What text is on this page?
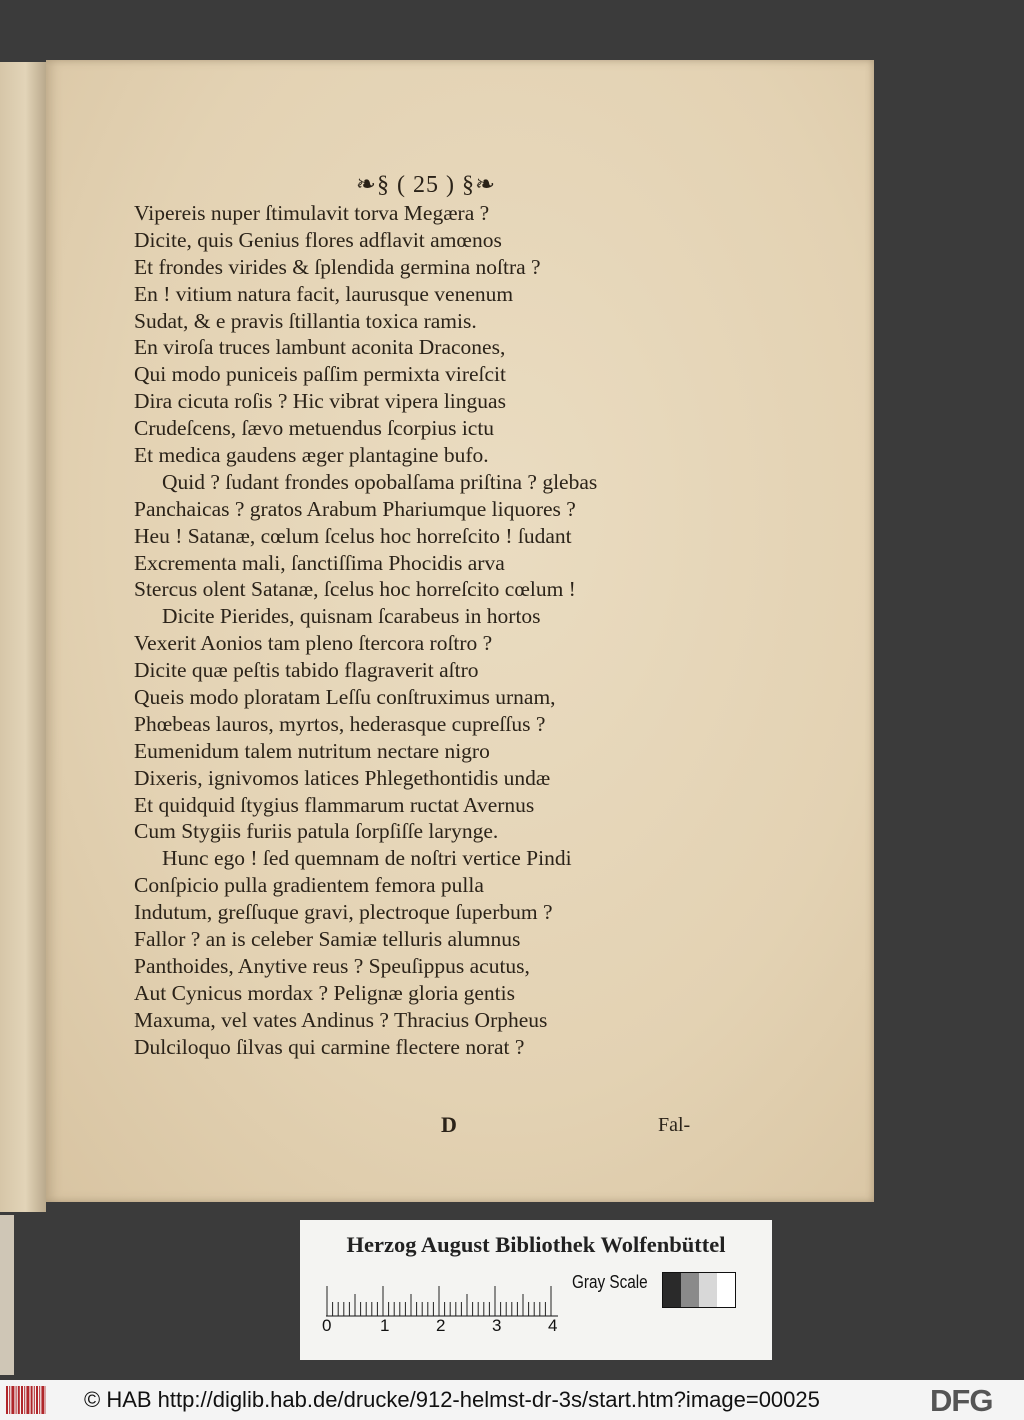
❧§ ( 25 ) §❧
Vipereis nuper ſtimulavit torva Megæra ?
Dicite, quis Genius flores adflavit amœnos
Et frondes virides & ſplendida germina noſtra ?
En ! vitium natura facit, laurusque venenum
Sudat, & e pravis ſtillantia toxica ramis.
En viroſa truces lambunt aconita Dracones,
Qui modo puniceis paſſim permixta vireſcit
Dira cicuta roſis ? Hic vibrat vipera linguas
Crudeſcens, ſævo metuendus ſcorpius ictu
Et medica gaudens æger plantagine bufo.
Quid ? ſudant frondes opobalſama priſtina ? glebas
Panchaicas ? gratos Arabum Phariumque liquores ?
Heu ! Satanæ, cœlum ſcelus hoc horreſcito ! ſudant
Excrementa mali, ſanctiſſima Phocidis arva
Stercus olent Satanæ, ſcelus hoc horreſcito cœlum !
Dicite Pierides, quisnam ſcarabeus in hortos
Vexerit Aonios tam pleno ſtercora roſtro ?
Dicite quæ peſtis tabido flagraverit aſtro
Queis modo ploratam Leſſu conſtruximus urnam,
Phœbeas lauros, myrtos, hederasque cupreſſus ?
Eumenidum talem nutritum nectare nigro
Dixeris, ignivomos latices Phlegethontidis undæ
Et quidquid ſtygius flammarum ructat Avernus
Cum Stygiis furiis patula ſorpſiſſe larynge.
Hunc ego ! ſed quemnam de noſtri vertice Pindi
Conſpicio pulla gradientem femora pulla
Indutum, greſſuque gravi, plectroque ſuperbum ?
Fallor ? an is celeber Samiæ telluris alumnus
Panthoides, Anytive reus ? Speuſippus acutus,
Aut Cynicus mordax ? Pelignæ gloria gentis
Maxuma, vel vates Andinus ? Thracius Orpheus
Dulciloquo ſilvas qui carmine flectere norat ?
D	Fal-
Herzog August Bibliothek Wolfenbüttel
Gray Scale
0	1	2	3	4
© HAB http://diglib.hab.de/drucke/912-helmst-dr-3s/start.htm?image=00025	DFG
